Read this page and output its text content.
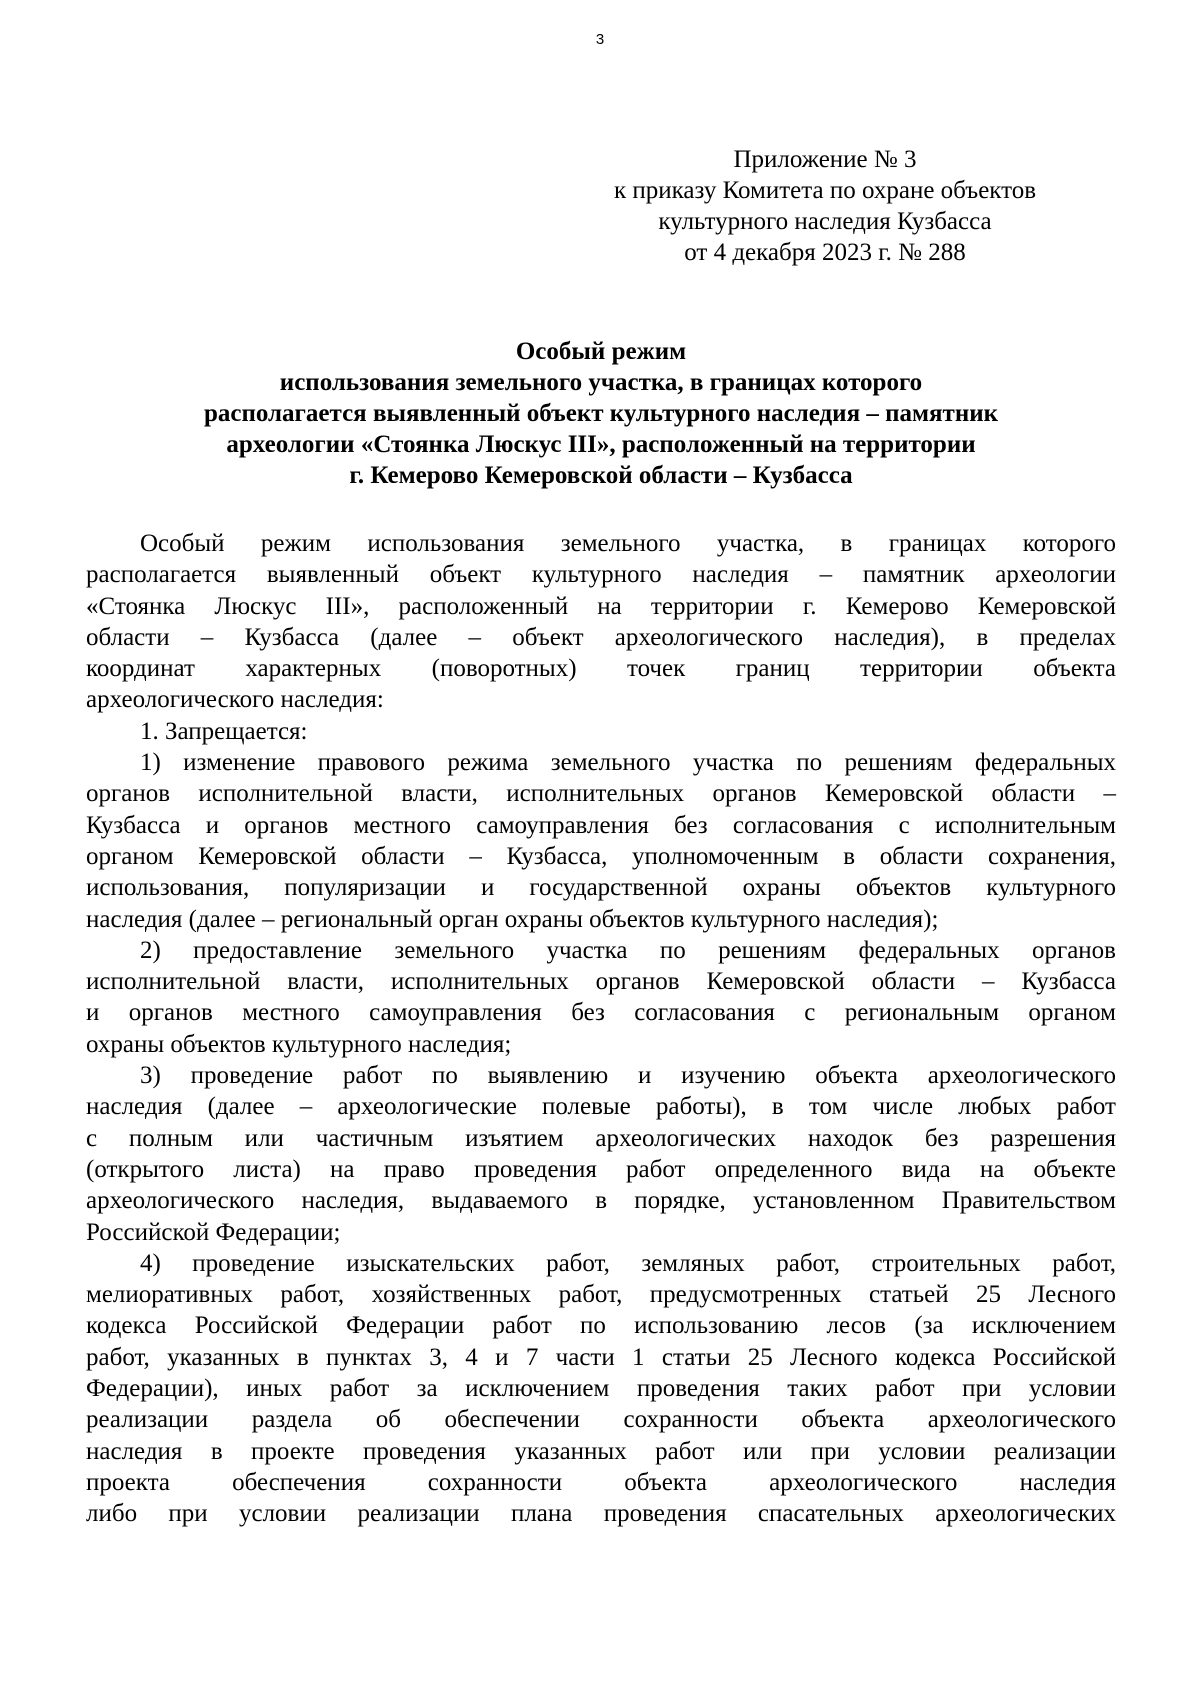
3
Приложение № 3
к приказу Комитета по охране объектов
культурного наследия Кузбасса
от 4 декабря 2023 г. № 288
Особый режим
использования земельного участка, в границах которого
располагается выявленный объект культурного наследия – памятник
археологии «Стоянка Люскус III», расположенный на территории
г. Кемерово Кемеровской области – Кузбасса
Особый режим использования земельного участка, в границах которого
располагается выявленный объект культурного наследия – памятник археологии
«Стоянка Люскус III», расположенный на территории г. Кемерово Кемеровской
области – Кузбасса (далее – объект археологического наследия), в пределах
координат характерных (поворотных) точек границ территории объекта
археологического наследия:
1. Запрещается:
1) изменение правового режима земельного участка по решениям федеральных
органов исполнительной власти, исполнительных органов Кемеровской области –
Кузбасса и органов местного самоуправления без согласования с исполнительным
органом Кемеровской области – Кузбасса, уполномоченным в области сохранения,
использования, популяризации и государственной охраны объектов культурного
наследия (далее – региональный орган охраны объектов культурного наследия);
2) предоставление земельного участка по решениям федеральных органов
исполнительной власти, исполнительных органов Кемеровской области – Кузбасса
и органов местного самоуправления без согласования с региональным органом
охраны объектов культурного наследия;
3) проведение работ по выявлению и изучению объекта археологического
наследия (далее – археологические полевые работы), в том числе любых работ
с полным или частичным изъятием археологических находок без разрешения
(открытого листа) на право проведения работ определенного вида на объекте
археологического наследия, выдаваемого в порядке, установленном Правительством
Российской Федерации;
4) проведение изыскательских работ, земляных работ, строительных работ,
мелиоративных работ, хозяйственных работ, предусмотренных статьей 25 Лесного
кодекса Российской Федерации работ по использованию лесов (за исключением
работ, указанных в пунктах 3, 4 и 7 части 1 статьи 25 Лесного кодекса Российской
Федерации), иных работ за исключением проведения таких работ при условии
реализации раздела об обеспечении сохранности объекта археологического
наследия в проекте проведения указанных работ или при условии реализации
проекта обеспечения сохранности объекта археологического наследия
либо при условии реализации плана проведения спасательных археологических
